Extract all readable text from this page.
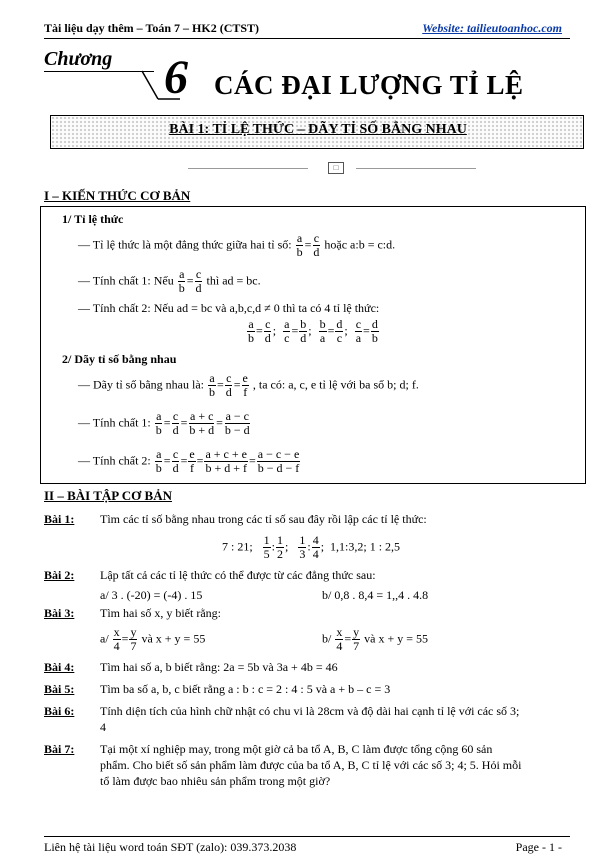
Tài liệu dạy thêm – Toán 7 – HK2 (CTST)	Website: tailieutoanhoc.com
Chương 6 CÁC ĐẠI LƯỢNG TỈ LỆ
BÀI 1: TỈ LỆ THỨC – DÃY TỈ SỐ BẰNG NHAU
□
I – KIẾN THỨC CƠ BẢN
1/ Tỉ lệ thức
— Tỉ lệ thức là một đẳng thức giữa hai tỉ số: $\frac{a}{b} = \frac{c}{d}$ hoặc a:b = c:d.
— Tính chất 1: Nếu $\frac{a}{b} = \frac{c}{d}$ thì ad = bc.
— Tính chất 2: Nếu ad = bc và a,b,c,d ≠ 0 thì ta có 4 tỉ lệ thức:
$\frac{a}{b} = \frac{c}{d}$ ; $\frac{a}{c} = \frac{b}{d}$ ; $\frac{b}{a} = \frac{d}{c}$ ; $\frac{c}{a} = \frac{d}{b}$
2/ Dãy tỉ số bằng nhau
— Dãy tỉ số bằng nhau là: $\frac{a}{b} = \frac{c}{d} = \frac{e}{f}$ , ta có: a, c, e tỉ lệ với ba số b; d; f.
— Tính chất 1: $\frac{a}{b} = \frac{c}{d} = \frac{a + c}{b + d} = \frac{a - c}{b - d}$
— Tính chất 2: $\frac{a}{b} = \frac{c}{d} = \frac{e}{f} = \frac{a + c + e}{b + d + f} = \frac{a - c - e}{b - d - f}$
II – BÀI TẬP CƠ BẢN
Bài 1: Tìm các tỉ số bằng nhau trong các tỉ số sau đây rồi lập các tỉ lệ thức:
7 : 21; $\frac{1}{5}$ : $\frac{1}{2}$ ; $\frac{1}{3}$ : $\frac{4}{4}$ ;  1,1:3,2; 1 : 2,5
Bài 2: Lập tất cả các tỉ lệ thức có thể được từ các đẳng thức sau:
a/ 3 . (-20) = (-4) . 15	b/ 0,8 . 8,4 = 1,,4 . 4.8
Bài 3: Tìm hai số x, y biết rằng:
$a/ \frac{x}{4} = \frac{y}{7}$ và x + y = 55	$b/ \frac{x}{4} = \frac{y}{7}$ và x + y = 55
Bài 4: Tìm hai số a, b biết rằng: 2a = 5b và 3a + 4b = 46
Bài 5: Tìm ba số a, b, c biết rằng a : b : c = 2 : 4 : 5 và a + b – c = 3
Bài 6: Tính diện tích của hình chữ nhật có chu vi là 28cm và độ dài hai cạnh tỉ lệ với các số 3;
4
Bài 7: Tại một xí nghiệp may, trong một giờ cả ba tổ A, B, C làm được tổng cộng 60 sản
phẩm. Cho biết số sản phẩm làm được của ba tổ A, B, C tỉ lệ với các số 3; 4; 5. Hỏi mỗi
tổ làm được bao nhiêu sản phẩm trong một giờ?
Liên hệ tài liệu word toán SĐT (zalo): 039.373.2038	Page - 1 -
